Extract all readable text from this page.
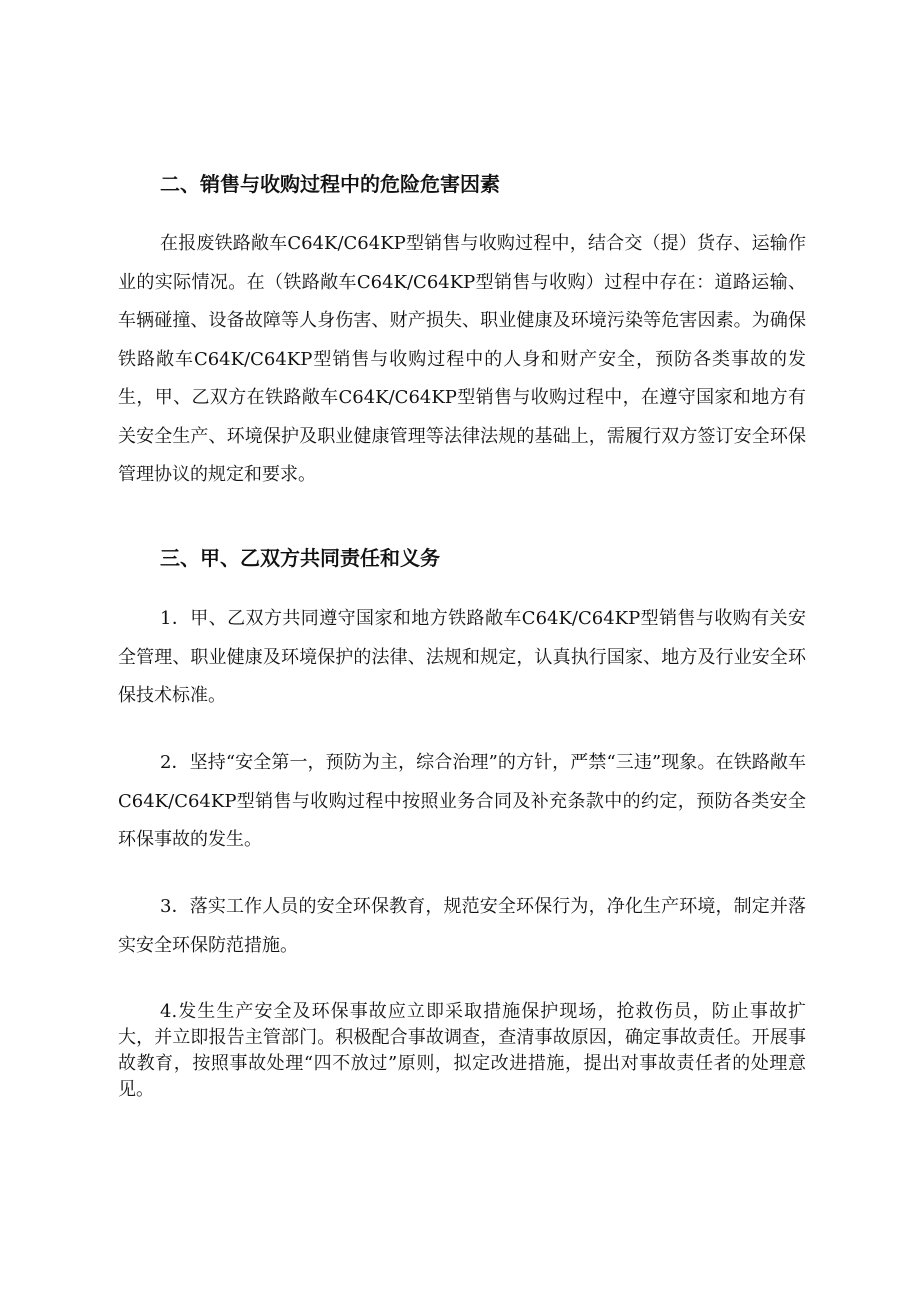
二、销售与收购过程中的危险危害因素

在报废铁路敞车C64K/C64KP型销售与收购过程中，结合交（提）货存、运输作业的实际情况。在（铁路敞车C64K/C64KP型销售与收购）过程中存在：道路运输、车辆碰撞、设备故障等人身伤害、财产损失、职业健康及环境污染等危害因素。为确保铁路敞车C64K/C64KP型销售与收购过程中的人身和财产安全，预防各类事故的发生，甲、乙双方在铁路敞车C64K/C64KP型销售与收购过程中，在遵守国家和地方有关安全生产、环境保护及职业健康管理等法律法规的基础上，需履行双方签订安全环保管理协议的规定和要求。

三、甲、乙双方共同责任和义务

1．甲、乙双方共同遵守国家和地方铁路敞车C64K/C64KP型销售与收购有关安全管理、职业健康及环境保护的法律、法规和规定，认真执行国家、地方及行业安全环保技术标准。

2．坚持“安全第一，预防为主，综合治理”的方针，严禁“三违”现象。在铁路敞车C64K/C64KP型销售与收购过程中按照业务合同及补充条款中的约定，预防各类安全环保事故的发生。

3．落实工作人员的安全环保教育，规范安全环保行为，净化生产环境，制定并落实安全环保防范措施。

4.发生生产安全及环保事故应立即采取措施保护现场，抢救伤员，防止事故扩大，并立即报告主管部门。积极配合事故调查，查清事故原因，确定事故责任。开展事故教育，按照事故处理“四不放过”原则，拟定改进措施，提出对事故责任者的处理意见。
